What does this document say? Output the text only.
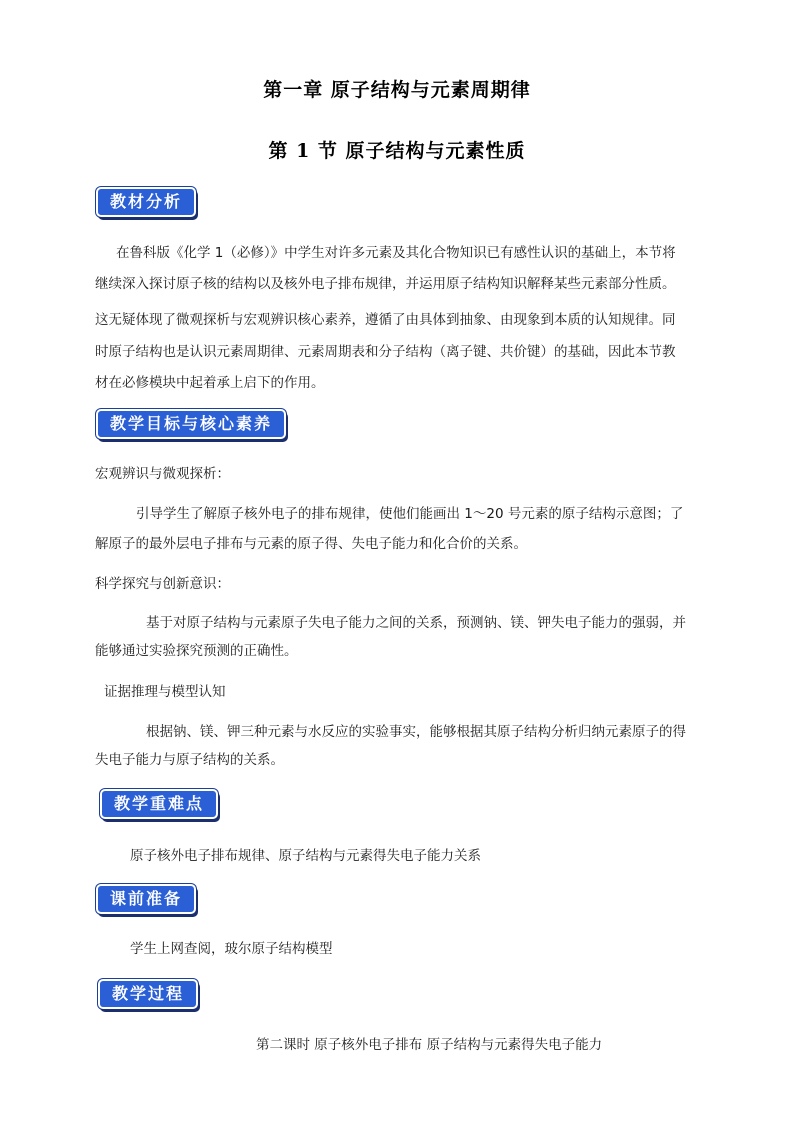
第一章 原子结构与元素周期律
第 1 节 原子结构与元素性质
教材分析
在鲁科版《化学 1（必修）》中学生对许多元素及其化合物知识已有感性认识的基础上，本节将
继续深入探讨原子核的结构以及核外电子排布规律，并运用原子结构知识解释某些元素部分性质。
这无疑体现了微观探析与宏观辨识核心素养，遵循了由具体到抽象、由现象到本质的认知规律。同
时原子结构也是认识元素周期律、元素周期表和分子结构（离子键、共价键）的基础，因此本节教
材在必修模块中起着承上启下的作用。
教学目标与核心素养
宏观辨识与微观探析：
引导学生了解原子核外电子的排布规律，使他们能画出 1～20 号元素的原子结构示意图；了
解原子的最外层电子排布与元素的原子得、失电子能力和化合价的关系。
科学探究与创新意识：
基于对原子结构与元素原子失电子能力之间的关系，预测钠、镁、钾失电子能力的强弱，并
能够通过实验探究预测的正确性。
证据推理与模型认知
根据钠、镁、钾三种元素与水反应的实验事实，能够根据其原子结构分析归纳元素原子的得
失电子能力与原子结构的关系。
教学重难点
原子核外电子排布规律、原子结构与元素得失电子能力关系
课前准备
学生上网查阅，玻尔原子结构模型
教学过程
第二课时 原子核外电子排布 原子结构与元素得失电子能力
